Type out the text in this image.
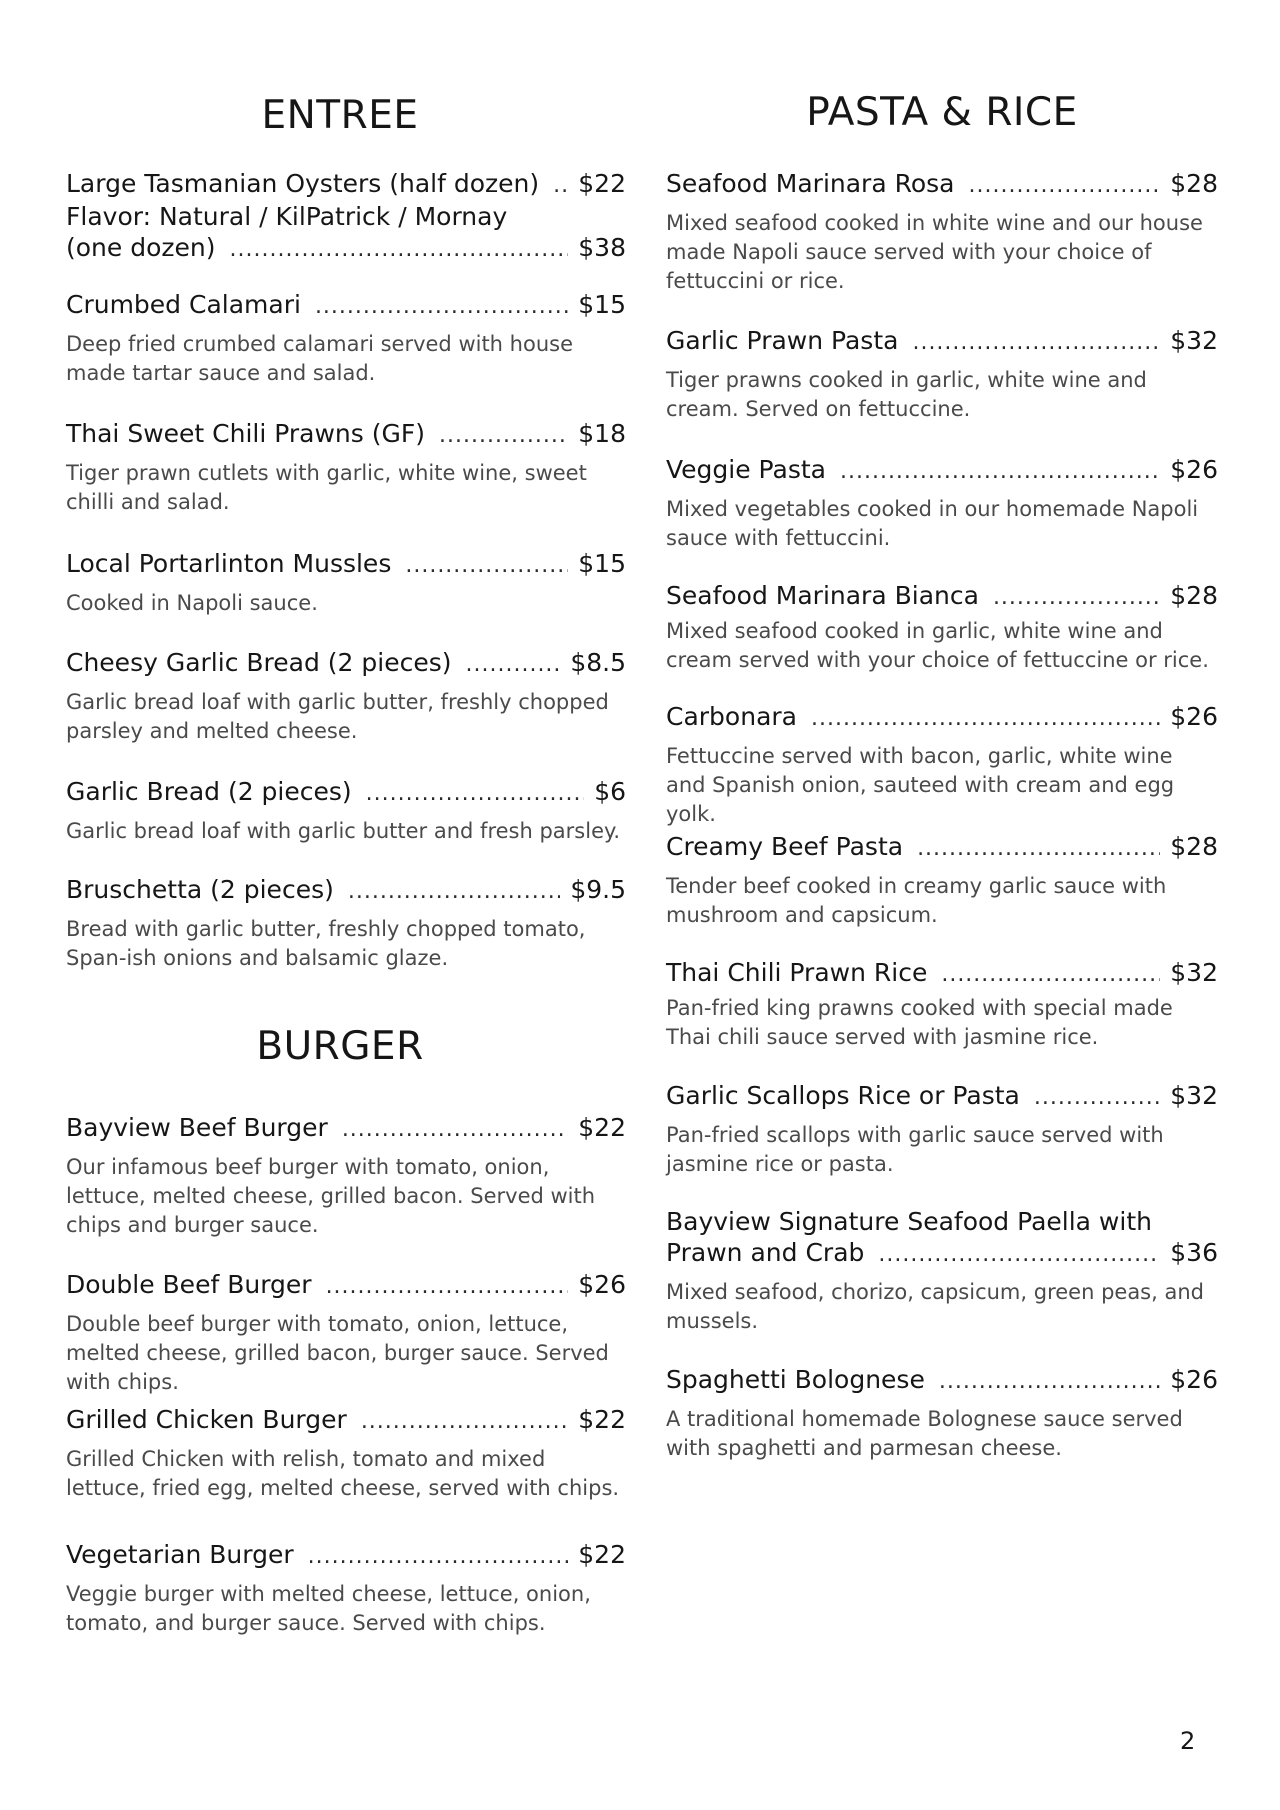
ENTREE
Large Tasmanian Oysters (half dozen) ..... $22
Flavor: Natural / KilPatrick / Mornay
(one dozen) .....	$38
Crumbed Calamari .....	$15
Deep fried crumbed calamari served with house made tartar sauce and salad.
Thai Sweet Chili Prawns (GF) .....	$18
Tiger prawn cutlets with garlic, white wine, sweet chilli and salad.
Local Portarlinton Mussles .....	$15
Cooked in Napoli sauce.
Cheesy Garlic Bread (2 pieces) .....	$8.5
Garlic bread loaf with garlic butter, freshly chopped parsley and melted cheese.
Garlic Bread (2 pieces) .....	$6
Garlic bread loaf with garlic butter and fresh parsley.
Bruschetta (2 pieces) .....	$9.5
Bread with garlic butter, freshly chopped tomato, Span-ish onions and balsamic glaze.
BURGER
Bayview Beef Burger .....	$22
Our infamous beef burger with tomato, onion, lettuce, melted cheese, grilled bacon. Served with chips and burger sauce.
Double Beef Burger .....	$26
Double beef burger with tomato, onion, lettuce, melted cheese, grilled bacon, burger sauce. Served with chips.
Grilled Chicken Burger .....	$22
Grilled Chicken with relish, tomato and mixed lettuce, fried egg, melted cheese, served with chips.
Vegetarian Burger .....	$22
Veggie burger with melted cheese, lettuce, onion, tomato, and burger sauce. Served with chips.
PASTA & RICE
Seafood Marinara Rosa .....	$28
Mixed seafood cooked in white wine and our house made Napoli sauce served with your choice of fettuccini or rice.
Garlic Prawn Pasta .....	$32
Tiger prawns cooked in garlic, white wine and cream. Served on fettuccine.
Veggie Pasta .....	$26
Mixed vegetables cooked in our homemade Napoli sauce with fettuccini.
Seafood Marinara Bianca .....	$28
Mixed seafood cooked in garlic, white wine and cream served with your choice of fettuccine or rice.
Carbonara .....	$26
Fettuccine served with bacon, garlic, white wine and Spanish onion, sauteed with cream and egg yolk.
Creamy Beef Pasta .....	$28
Tender beef cooked in creamy garlic sauce with mushroom and capsicum.
Thai Chili Prawn Rice .....	$32
Pan-fried king prawns cooked with special made Thai chili sauce served with jasmine rice.
Garlic Scallops Rice or Pasta .....	$32
Pan-fried scallops with garlic sauce served with jasmine rice or pasta.
Bayview Signature Seafood Paella with
Prawn and Crab .....	$36
Mixed seafood, chorizo, capsicum, green peas, and mussels.
Spaghetti Bolognese .....	$26
A traditional homemade Bolognese sauce served with spaghetti and parmesan cheese.
2
